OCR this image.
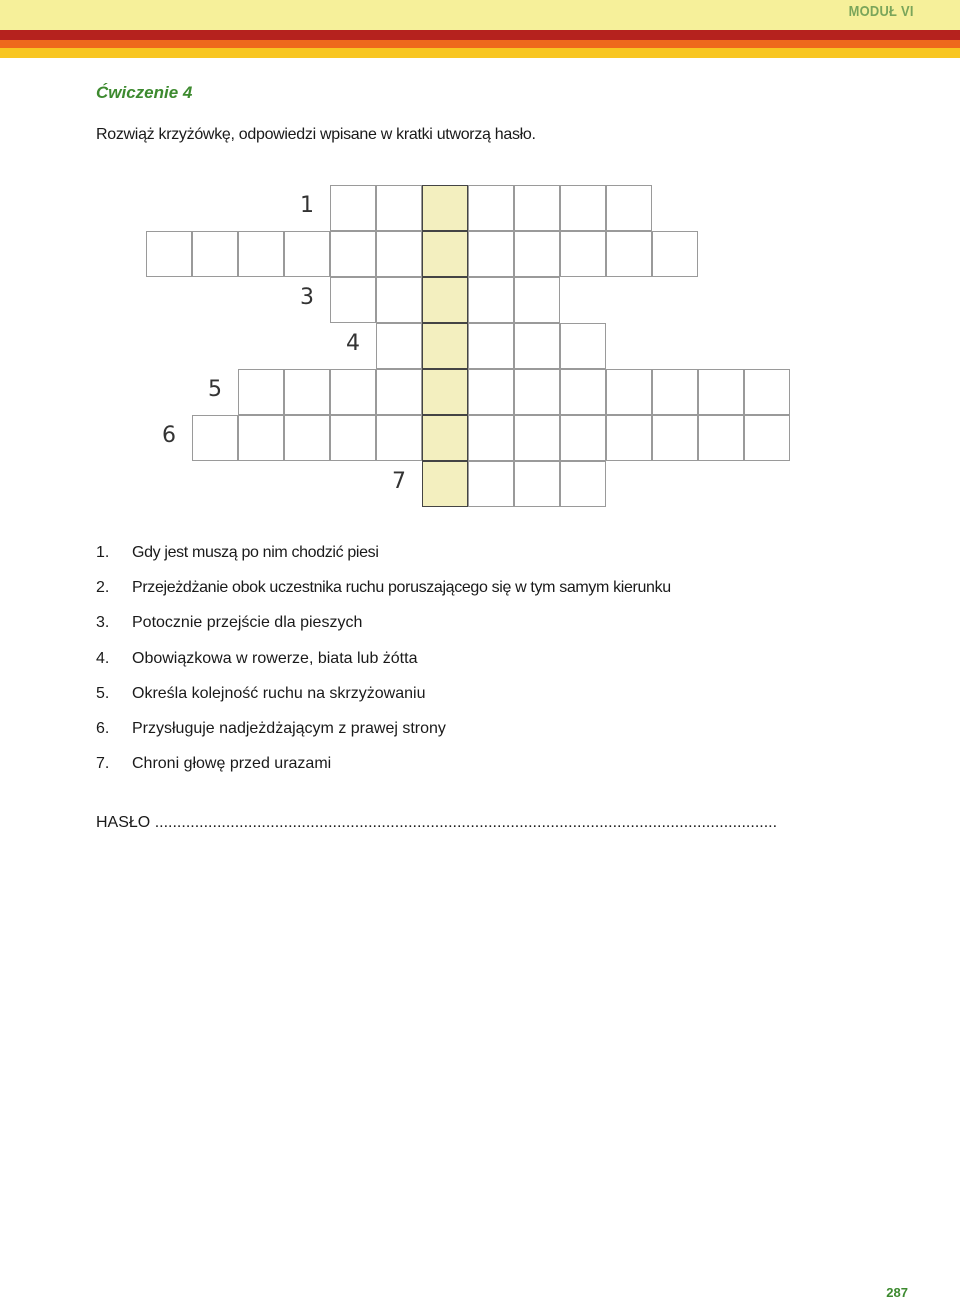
MODUŁ VI
Ćwiczenie 4
Rozwiąż krzyżówkę, odpowiedzi wpisane w kratki utworzą hasło.
1
3
4
5
6
7
1.	Gdy jest muszą po nim chodzić piesi
2.	Przejeżdżanie obok uczestnika ruchu poruszającego się w tym samym kierunku
3.	Potocznie przejście dla pieszych
4.	Obowiązkowa w rowerze, biata lub żótta
5.	Określa kolejność ruchu na skrzyżowaniu
6.	Przysługuje nadjeżdżającym z prawej strony
7.	Chroni głowę przed urazami
HASŁO ............................................................................................................................................
287
